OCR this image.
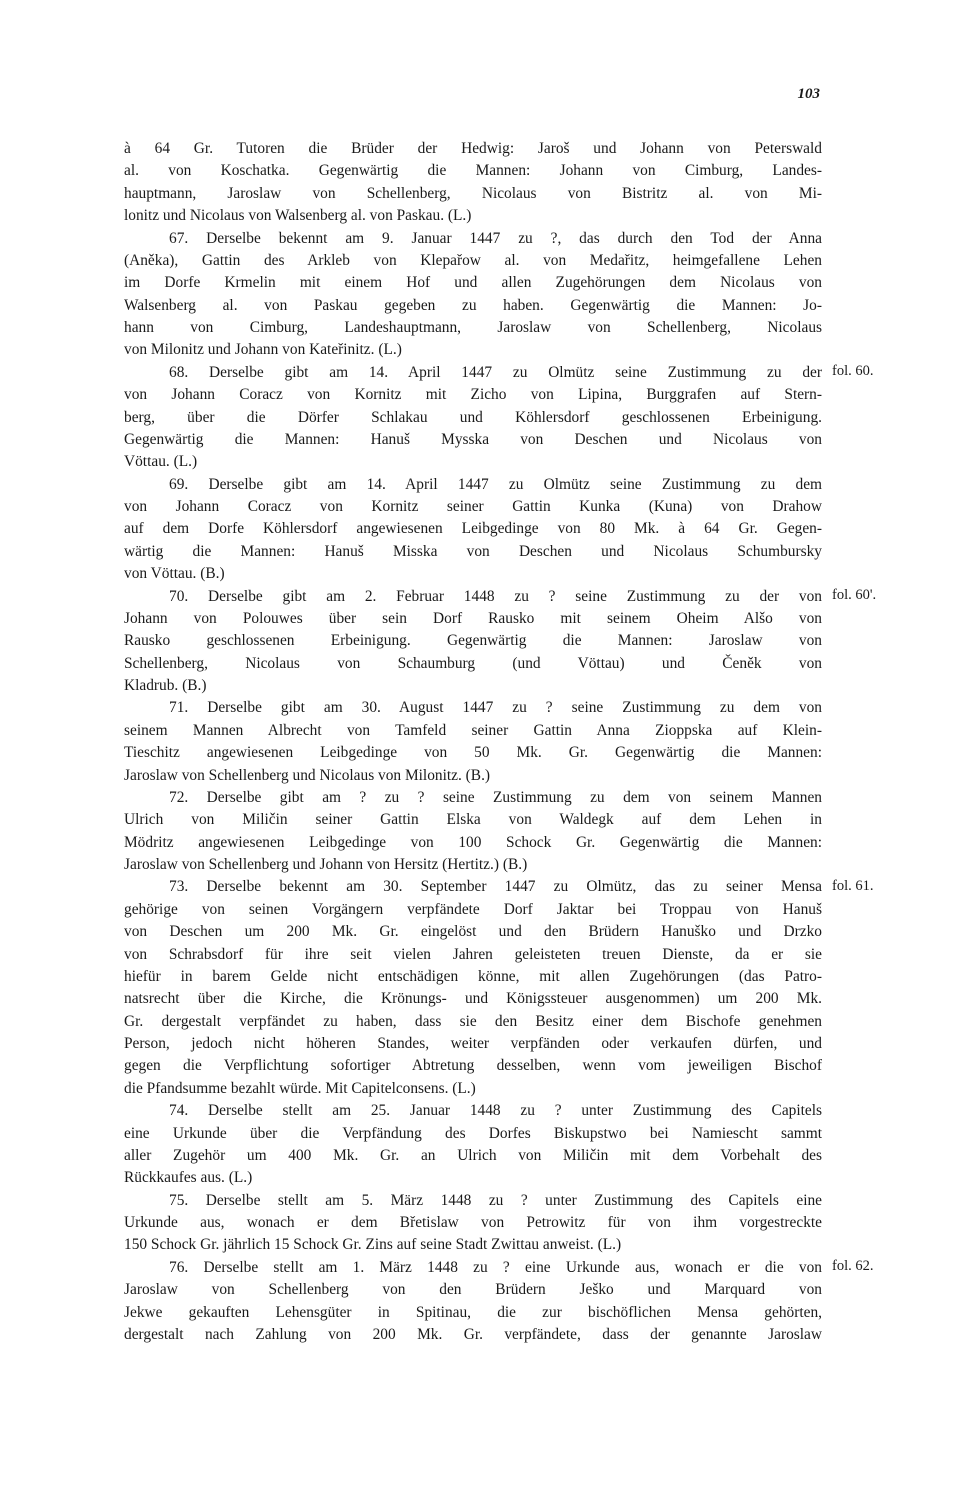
103
à 64 Gr. Tutoren die Brüder der Hedwig: Jaroš und Johann von Peterswald
al. von Koschatka. Gegenwärtig die Mannen: Johann von Cimburg, Landes-
hauptmann, Jaroslaw von Schellenberg, Nicolaus von Bistritz al. von Mi-
lonitz und Nicolaus von Walsenberg al. von Paskau. (L.)
67. Derselbe bekennt am 9. Januar 1447 zu ?, das durch den Tod der Anna
(Aněka), Gattin des Arkleb von Klepařow al. von Medařitz, heimgefallene Lehen
im Dorfe Krmelin mit einem Hof und allen Zugehörungen dem Nicolaus von
Walsenberg al. von Paskau gegeben zu haben. Gegenwärtig die Mannen: Jo-
hann von Cimburg, Landeshauptmann, Jaroslaw von Schellenberg, Nicolaus
von Milonitz und Johann von Kateřinitz. (L.)
68. Derselbe gibt am 14. April 1447 zu Olmütz seine Zustimmung zu der
von Johann Coracz von Kornitz mit Zicho von Lipina, Burggrafen auf Stern-
berg, über die Dörfer Schlakau und Köhlersdorf geschlossenen Erbeinigung.
Gegenwärtig die Mannen: Hanuš Mysska von Deschen und Nicolaus von
Vöttau. (L.)
69. Derselbe gibt am 14. April 1447 zu Olmütz seine Zustimmung zu dem
von Johann Coracz von Kornitz seiner Gattin Kunka (Kuna) von Drahow
auf dem Dorfe Köhlersdorf angewiesenen Leibgedinge von 80 Mk. à 64 Gr. Gegen-
wärtig die Mannen: Hanuš Misska von Deschen und Nicolaus Schumbursky
von Vöttau. (B.)
70. Derselbe gibt am 2. Februar 1448 zu ? seine Zustimmung zu der von
Johann von Polouwes über sein Dorf Rausko mit seinem Oheim Alšo von
Rausko geschlossenen Erbeinigung. Gegenwärtig die Mannen: Jaroslaw von
Schellenberg, Nicolaus von Schaumburg (und Vöttau) und Čeněk von
Kladrub. (B.)
71. Derselbe gibt am 30. August 1447 zu ? seine Zustimmung zu dem von
seinem Mannen Albrecht von Tamfeld seiner Gattin Anna Zioppska auf Klein-
Tieschitz angewiesenen Leibgedinge von 50 Mk. Gr. Gegenwärtig die Mannen:
Jaroslaw von Schellenberg und Nicolaus von Milonitz. (B.)
72. Derselbe gibt am ? zu ? seine Zustimmung zu dem von seinem Mannen
Ulrich von Miličin seiner Gattin Elska von Waldegk auf dem Lehen in
Mödritz angewiesenen Leibgedinge von 100 Schock Gr. Gegenwärtig die Mannen:
Jaroslaw von Schellenberg und Johann von Hersitz (Hertitz.) (B.)
73. Derselbe bekennt am 30. September 1447 zu Olmütz, das zu seiner Mensa
gehörige von seinen Vorgängern verpfändete Dorf Jaktar bei Troppau von Hanuš
von Deschen um 200 Mk. Gr. eingelöst und den Brüdern Hanuško und Drzko
von Schrabsdorf für ihre seit vielen Jahren geleisteten treuen Dienste, da er sie
hiefür in barem Gelde nicht entschädigen könne, mit allen Zugehörungen (das Patro-
natsrecht über die Kirche, die Krönungs- und Königssteuer ausgenommen) um 200 Mk.
Gr. dergestalt verpfändet zu haben, dass sie den Besitz einer dem Bischofe genehmen
Person, jedoch nicht höheren Standes, weiter verpfänden oder verkaufen dürfen, und
gegen die Verpflichtung sofortiger Abtretung desselben, wenn vom jeweiligen Bischof
die Pfandsumme bezahlt würde. Mit Capitelconsens. (L.)
74. Derselbe stellt am 25. Januar 1448 zu ? unter Zustimmung des Capitels
eine Urkunde über die Verpfändung des Dorfes Biskupstwo bei Namiescht sammt
aller Zugehör um 400 Mk. Gr. an Ulrich von Miličin mit dem Vorbehalt des
Rückkaufes aus. (L.)
75. Derselbe stellt am 5. März 1448 zu ? unter Zustimmung des Capitels eine
Urkunde aus, wonach er dem Břetislaw von Petrowitz für von ihm vorgestreckte
150 Schock Gr. jährlich 15 Schock Gr. Zins auf seine Stadt Zwittau anweist. (L.)
76. Derselbe stellt am 1. März 1448 zu ? eine Urkunde aus, wonach er die von
Jaroslaw von Schellenberg von den Brüdern Ješko und Marquard von
Jekwe gekauften Lehensgüter in Spitinau, die zur bischöflichen Mensa gehörten,
dergestalt nach Zahlung von 200 Mk. Gr. verpfändete, dass der genannte Jaroslaw
fol. 60.
fol. 60'.
fol. 61.
fol. 62.
